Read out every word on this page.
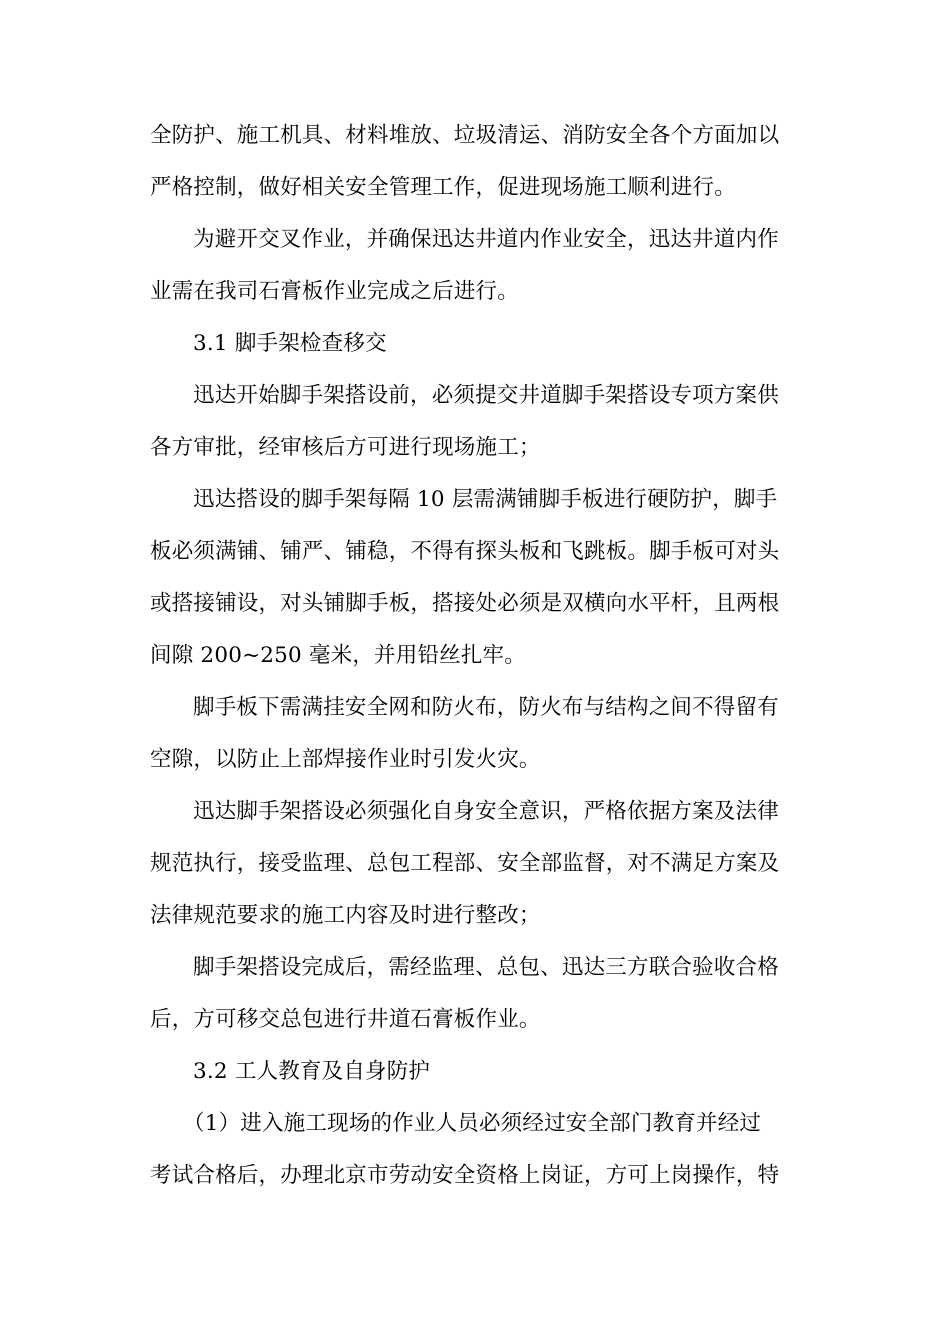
全防护、施工机具、材料堆放、垃圾清运、消防安全各个方面加以
严格控制，做好相关安全管理工作，促进现场施工顺利进行。
为避开交叉作业，并确保迅达井道内作业安全，迅达井道内作
业需在我司石膏板作业完成之后进行。
3.1 脚手架检查移交
迅达开始脚手架搭设前，必须提交井道脚手架搭设专项方案供
各方审批，经审核后方可进行现场施工；
迅达搭设的脚手架每隔 10 层需满铺脚手板进行硬防护，脚手
板必须满铺、铺严、铺稳，不得有探头板和飞跳板。脚手板可对头
或搭接铺设，对头铺脚手板，搭接处必须是双横向水平杆，且两根
间隙 200~250 毫米，并用铅丝扎牢。
脚手板下需满挂安全网和防火布，防火布与结构之间不得留有
空隙，以防止上部焊接作业时引发火灾。
迅达脚手架搭设必须强化自身安全意识，严格依据方案及法律
规范执行，接受监理、总包工程部、安全部监督，对不满足方案及
法律规范要求的施工内容及时进行整改；
脚手架搭设完成后，需经监理、总包、迅达三方联合验收合格
后，方可移交总包进行井道石膏板作业。
3.2 工人教育及自身防护
（1）进入施工现场的作业人员必须经过安全部门教育并经过
考试合格后，办理北京市劳动安全资格上岗证，方可上岗操作，特
